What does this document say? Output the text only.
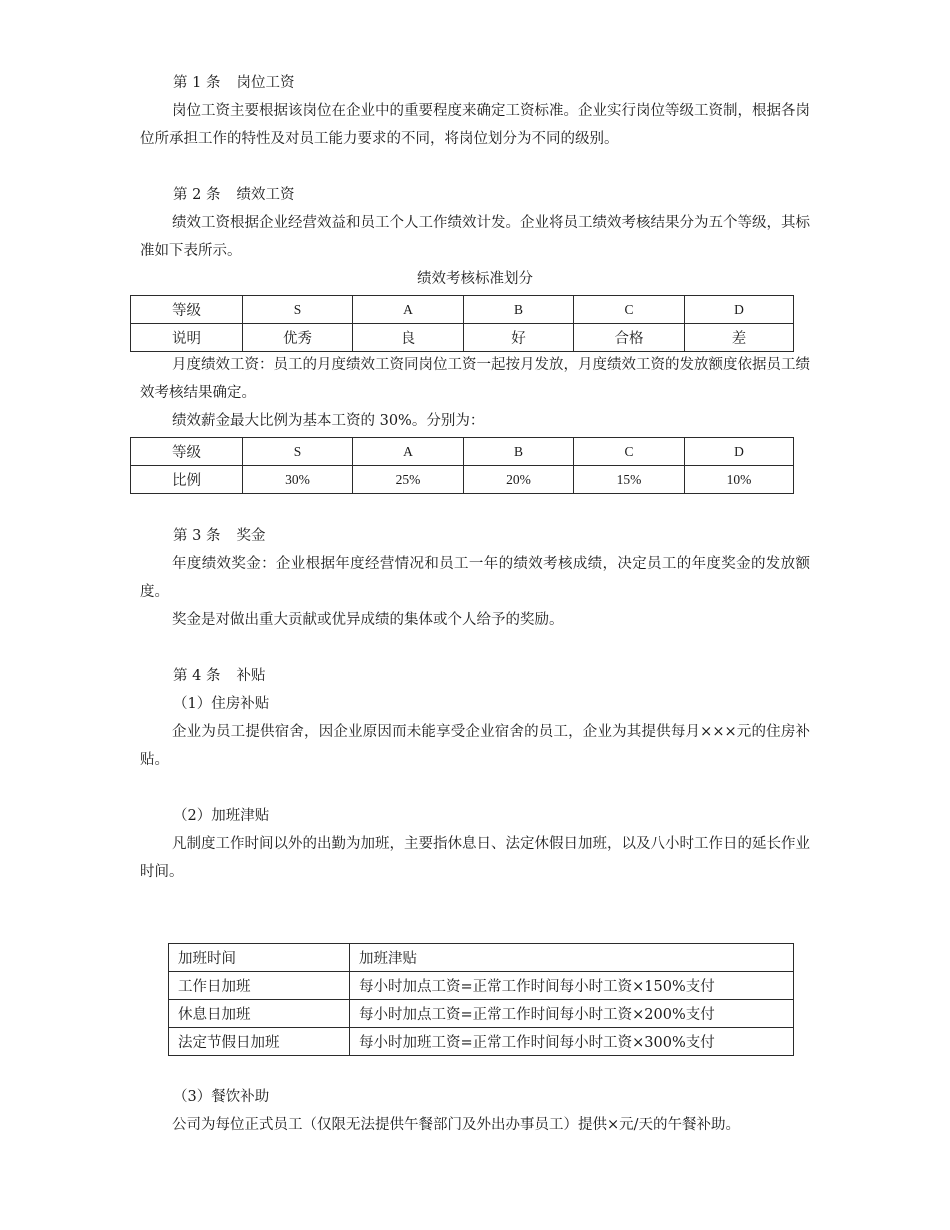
第 1 条 岗位工资

岗位工资主要根据该岗位在企业中的重要程度来确定工资标准。企业实行岗位等级工资制，根据各岗位所承担工作的特性及对员工能力要求的不同，将岗位划分为不同的级别。

第 2 条 绩效工资

绩效工资根据企业经营效益和员工个人工作绩效计发。企业将员工绩效考核结果分为五个等级，其标准如下表所示。

绩效考核标准划分

等级	S	A	B	C	D
说明	优秀	良	好	合格	差

月度绩效工资：员工的月度绩效工资同岗位工资一起按月发放，月度绩效工资的发放额度依据员工绩效考核结果确定。

绩效薪金最大比例为基本工资的 30%。分别为：

等级	S	A	B	C	D
比例	30%	25%	20%	15%	10%

第 3 条 奖金

年度绩效奖金：企业根据年度经营情况和员工一年的绩效考核成绩，决定员工的年度奖金的发放额度。

奖金是对做出重大贡献或优异成绩的集体或个人给予的奖励。

第 4 条 补贴

（1）住房补贴

企业为员工提供宿舍，因企业原因而未能享受企业宿舍的员工，企业为其提供每月×××元的住房补贴。

（2）加班津贴

凡制度工作时间以外的出勤为加班，主要指休息日、法定休假日加班，以及八小时工作日的延长作业时间。

加班时间	加班津贴
工作日加班	每小时加点工资=正常工作时间每小时工资×150%支付
休息日加班	每小时加点工资=正常工作时间每小时工资×200%支付
法定节假日加班	每小时加班工资=正常工作时间每小时工资×300%支付

（3）餐饮补助

公司为每位正式员工（仅限无法提供午餐部门及外出办事员工）提供×元/天的午餐补助。
